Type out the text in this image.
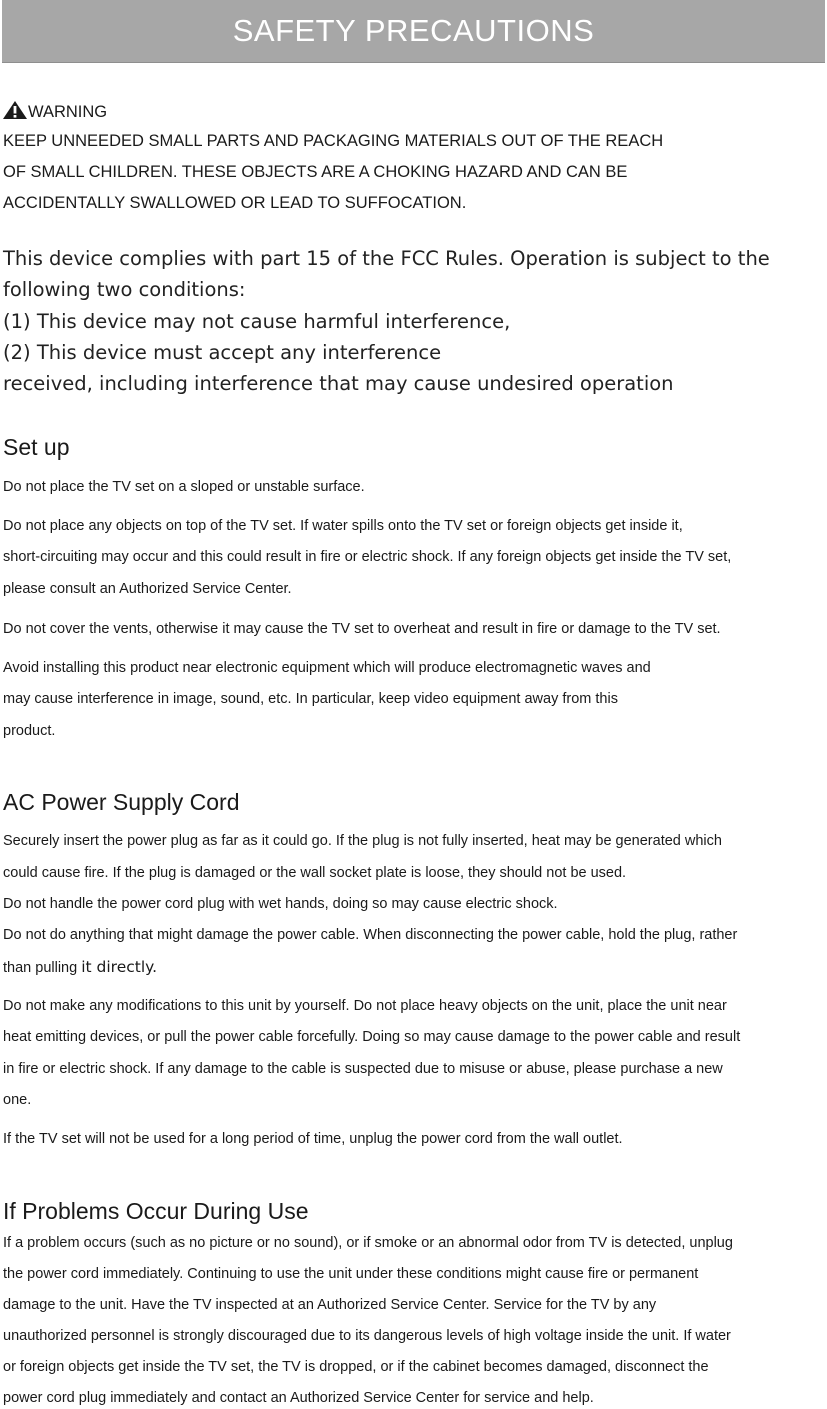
SAFETY PRECAUTIONS
WARNING
KEEP UNNEEDED SMALL PARTS AND PACKAGING MATERIALS OUT OF THE REACH
OF SMALL CHILDREN. THESE OBJECTS ARE A CHOKING HAZARD AND CAN BE
ACCIDENTALLY SWALLOWED OR LEAD TO SUFFOCATION.
This device complies with part 15 of the FCC Rules. Operation is subject to the
following two conditions:
(1) This device may not cause harmful interference,
(2) This device must accept any interference
received, including interference that may cause undesired operation
Set up
Do not place the TV set on a sloped or unstable surface.
Do not place any objects on top of the TV set. If water spills onto the TV set or foreign objects get inside it,
short-circuiting may occur and this could result in fire or electric shock. If any foreign objects get inside the TV set,
please consult an Authorized Service Center.
Do not cover the vents, otherwise it may cause the TV set to overheat and result in fire or damage to the TV set.
Avoid installing this product near electronic equipment which will produce electromagnetic waves and
may cause interference in image, sound, etc. In particular, keep video equipment away from this
product.
AC Power Supply Cord
Securely insert the power plug as far as it could go. If the plug is not fully inserted, heat may be generated which
could cause fire. If the plug is damaged or the wall socket plate is loose, they should not be used.
Do not handle the power cord plug with wet hands, doing so may cause electric shock.
Do not do anything that might damage the power cable. When disconnecting the power cable, hold the plug, rather
than pulling it directly.
Do not make any modifications to this unit by yourself. Do not place heavy objects on the unit, place the unit near
heat emitting devices, or pull the power cable forcefully. Doing so may cause damage to the power cable and result
in fire or electric shock. If any damage to the cable is suspected due to misuse or abuse, please purchase a new
one.
If the TV set will not be used for a long period of time, unplug the power cord from the wall outlet.
If Problems Occur During Use
If a problem occurs (such as no picture or no sound), or if smoke or an abnormal odor from TV is detected, unplug
the power cord immediately. Continuing to use the unit under these conditions might cause fire or permanent
damage to the unit. Have the TV inspected at an Authorized Service Center. Service for the TV by any
unauthorized personnel is strongly discouraged due to its dangerous levels of high voltage inside the unit. If water
or foreign objects get inside the TV set, the TV is dropped, or if the cabinet becomes damaged, disconnect the
power cord plug immediately and contact an Authorized Service Center for service and help.
